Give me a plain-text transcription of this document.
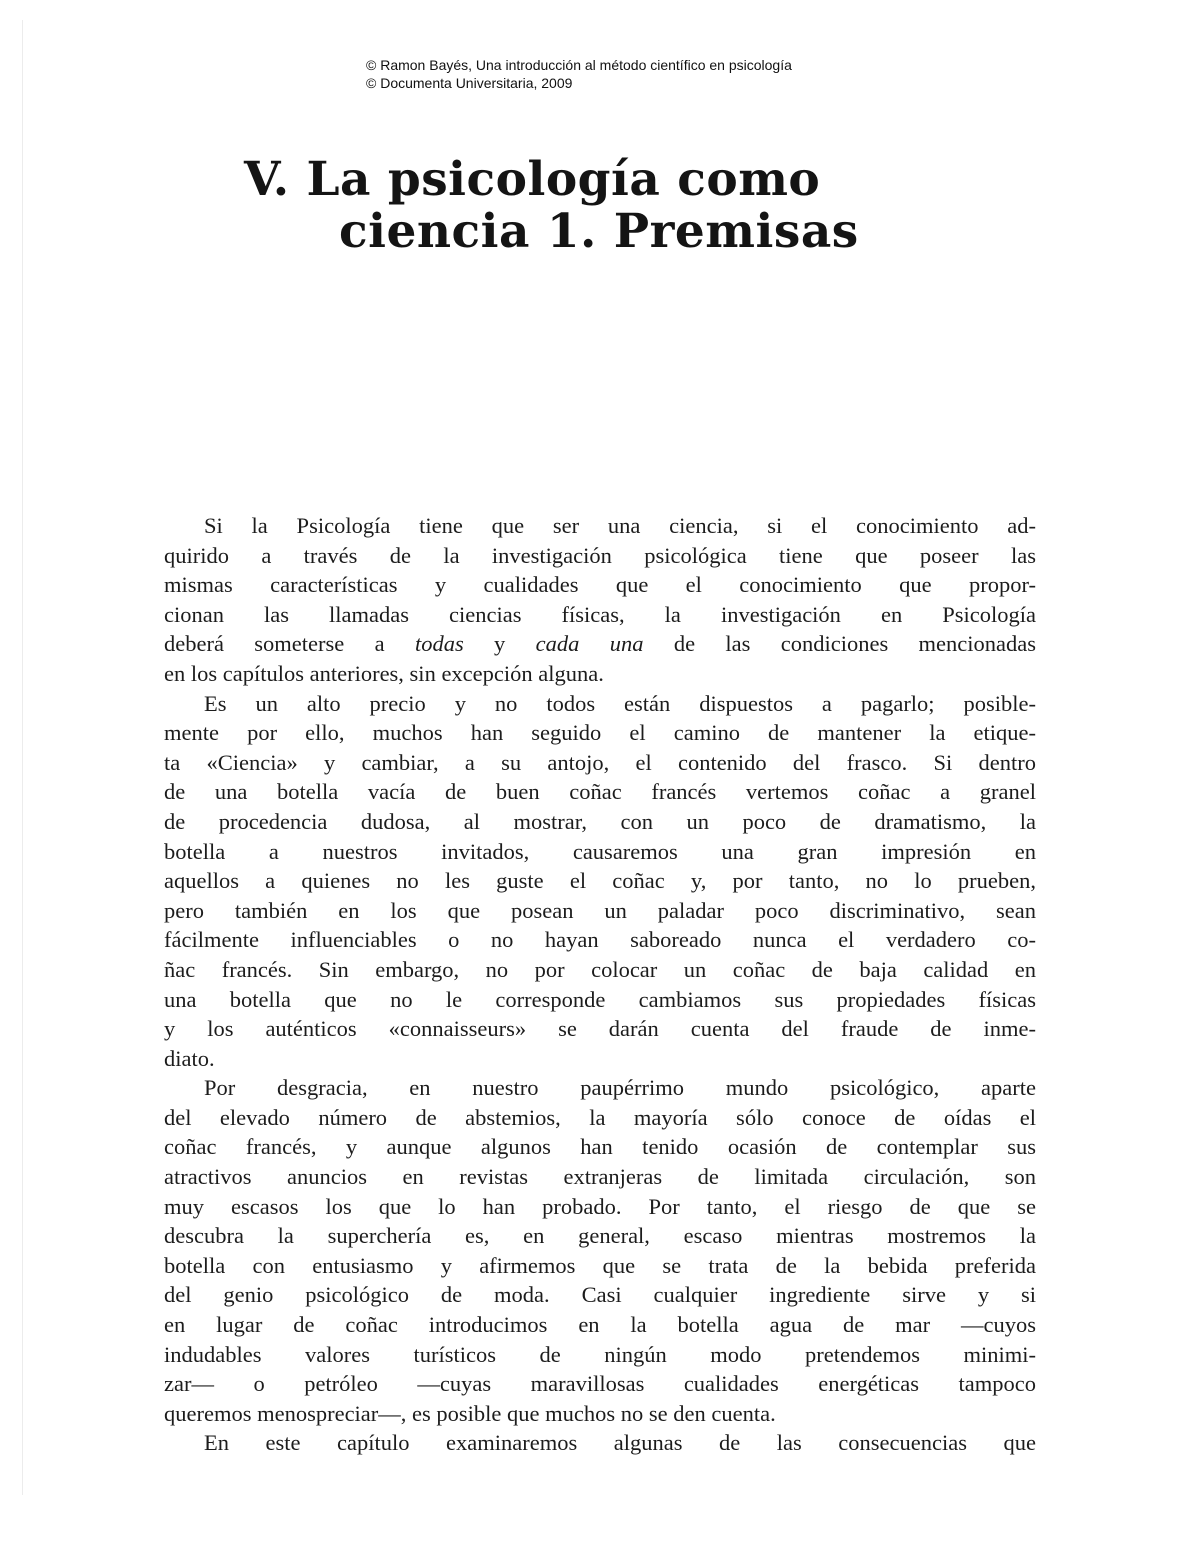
© Ramon Bayés, Una introducción al método científico en psicología
© Documenta Universitaria, 2009
V. La psicología como
ciencia 1. Premisas
Si la Psicología tiene que ser una ciencia, si el conocimiento ad-
quirido a través de la investigación psicológica tiene que poseer las
mismas características y cualidades que el conocimiento que propor-
cionan las llamadas ciencias físicas, la investigación en Psicología
deberá someterse a todas y cada una de las condiciones mencionadas
en los capítulos anteriores, sin excepción alguna.
Es un alto precio y no todos están dispuestos a pagarlo; posible-
mente por ello, muchos han seguido el camino de mantener la etique-
ta «Ciencia» y cambiar, a su antojo, el contenido del frasco. Si dentro
de una botella vacía de buen coñac francés vertemos coñac a granel
de procedencia dudosa, al mostrar, con un poco de dramatismo, la
botella a nuestros invitados, causaremos una gran impresión en
aquellos a quienes no les guste el coñac y, por tanto, no lo prueben,
pero también en los que posean un paladar poco discriminativo, sean
fácilmente influenciables o no hayan saboreado nunca el verdadero co-
ñac francés. Sin embargo, no por colocar un coñac de baja calidad en
una botella que no le corresponde cambiamos sus propiedades físicas
y los auténticos «connaisseurs» se darán cuenta del fraude de inme-
diato.
Por desgracia, en nuestro paupérrimo mundo psicológico, aparte
del elevado número de abstemios, la mayoría sólo conoce de oídas el
coñac francés, y aunque algunos han tenido ocasión de contemplar sus
atractivos anuncios en revistas extranjeras de limitada circulación, son
muy escasos los que lo han probado. Por tanto, el riesgo de que se
descubra la superchería es, en general, escaso mientras mostremos la
botella con entusiasmo y afirmemos que se trata de la bebida preferida
del genio psicológico de moda. Casi cualquier ingrediente sirve y si
en lugar de coñac introducimos en la botella agua de mar —cuyos
indudables valores turísticos de ningún modo pretendemos minimi-
zar— o petróleo —cuyas maravillosas cualidades energéticas tampoco
queremos menospreciar—, es posible que muchos no se den cuenta.
En este capítulo examinaremos algunas de las consecuencias que
